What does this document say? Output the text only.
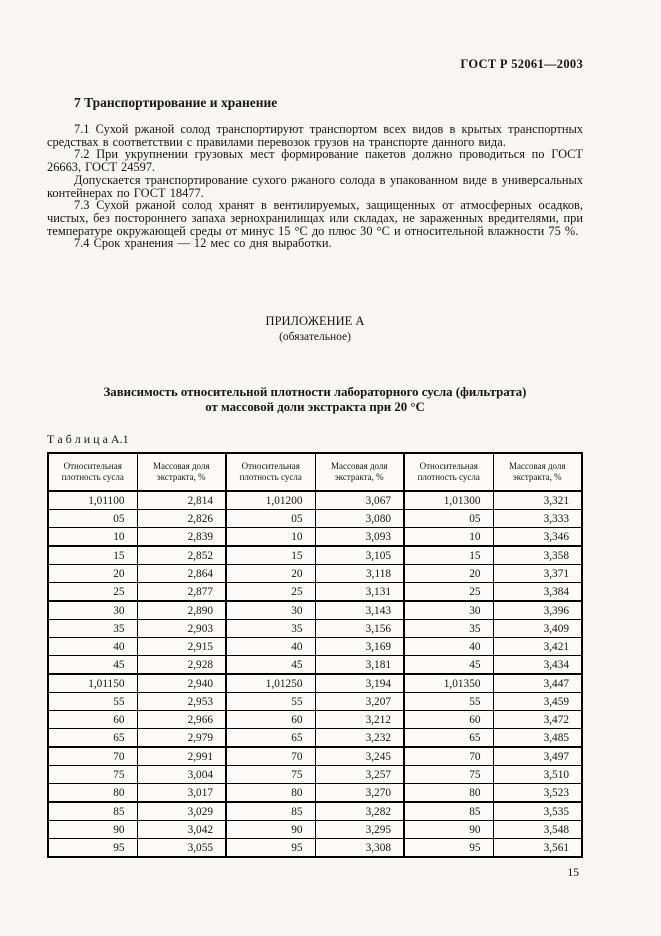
ГОСТ Р 52061—2003
7 Транспортирование и хранение

7.1 Сухой ржаной солод транспортируют транспортом всех видов в крытых транспортных средствах в соответствии с правилами перевозок грузов на транспорте данного вида.

7.2 При укрупнении грузовых мест формирование пакетов должно проводиться по ГОСТ 26663, ГОСТ 24597.

Допускается транспортирование сухого ржаного солода в упакованном виде в универсальных контейнерах по ГОСТ 18477.

7.3 Сухой ржаной солод хранят в вентилируемых, защищенных от атмосферных осадков, чистых, без постороннего запаха зернохранилищах или складах, не зараженных вредителями, при температуре окружающей среды от минус 15 °С до плюс 30 °С и относительной влажности 75 %.

7.4 Срок хранения — 12 мес со дня выработки.

ПРИЛОЖЕНИЕ А
(обязательное)
Зависимость относительной плотности лабораторного сусла (фильтрата)
от массовой доли экстракта при 20 °С
Т а б л и ц а А.1
Относительная плотность сусла	Массовая доля экстракта, %	Относительная плотность сусла	Массовая доля экстракта, %	Относительная плотность сусла	Массовая доля экстракта, %
1,01100	2,814	1,01200	3,067	1,01300	3,321
05	2,826	05	3,080	05	3,333
10	2,839	10	3,093	10	3,346
15	2,852	15	3,105	15	3,358
20	2,864	20	3,118	20	3,371
25	2,877	25	3,131	25	3,384
30	2,890	30	3,143	30	3,396
35	2,903	35	3,156	35	3,409
40	2,915	40	3,169	40	3,421
45	2,928	45	3,181	45	3,434
1,01150	2,940	1,01250	3,194	1,01350	3,447
55	2,953	55	3,207	55	3,459
60	2,966	60	3,212	60	3,472
65	2,979	65	3,232	65	3,485
70	2,991	70	3,245	70	3,497
75	3,004	75	3,257	75	3,510
80	3,017	80	3,270	80	3,523
85	3,029	85	3,282	85	3,535
90	3,042	90	3,295	90	3,548
95	3,055	95	3,308	95	3,561
15
